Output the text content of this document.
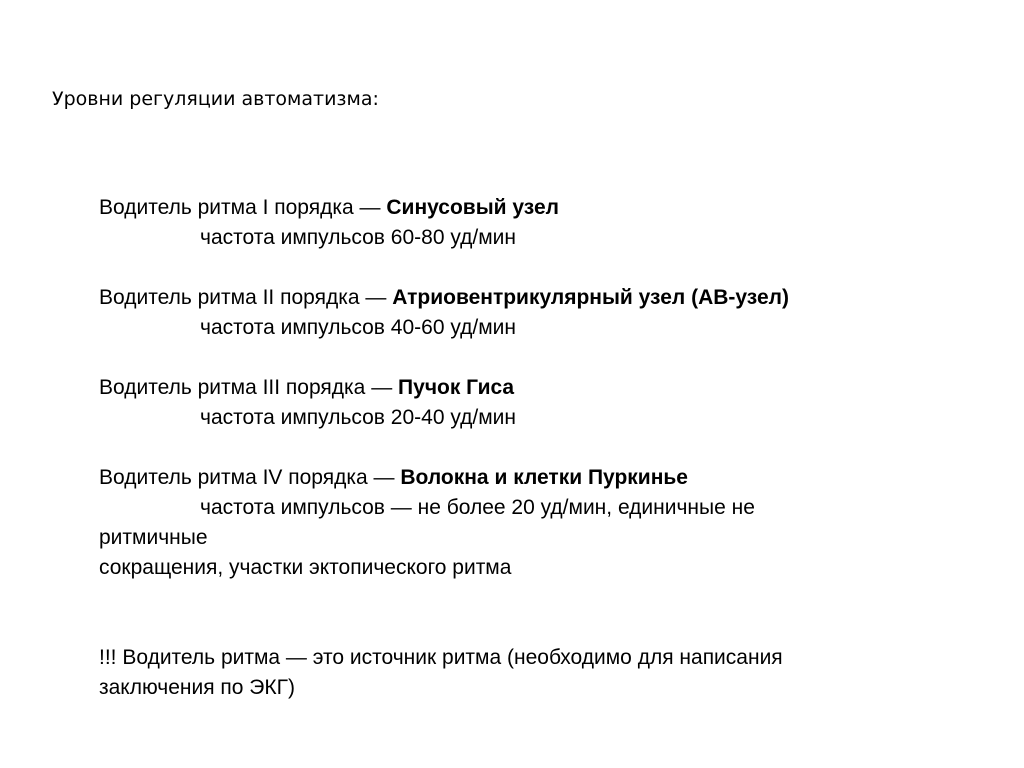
Уровни регуляции автоматизма:
Водитель ритма I порядка — Синусовый узел
частота импульсов 60-80 уд/мин
Водитель ритма II порядка — Атриовентрикулярный узел (АВ-узел)
частота импульсов 40-60 уд/мин
Водитель ритма III порядка — Пучок Гиса
частота импульсов 20-40 уд/мин
Водитель ритма IV порядка — Волокна и клетки Пуркинье
частота импульсов — не более 20 уд/мин, единичные не
ритмичные
сокращения, участки эктопического ритма
!!! Водитель ритма — это источник ритма (необходимо для написания
заключения по ЭКГ)
